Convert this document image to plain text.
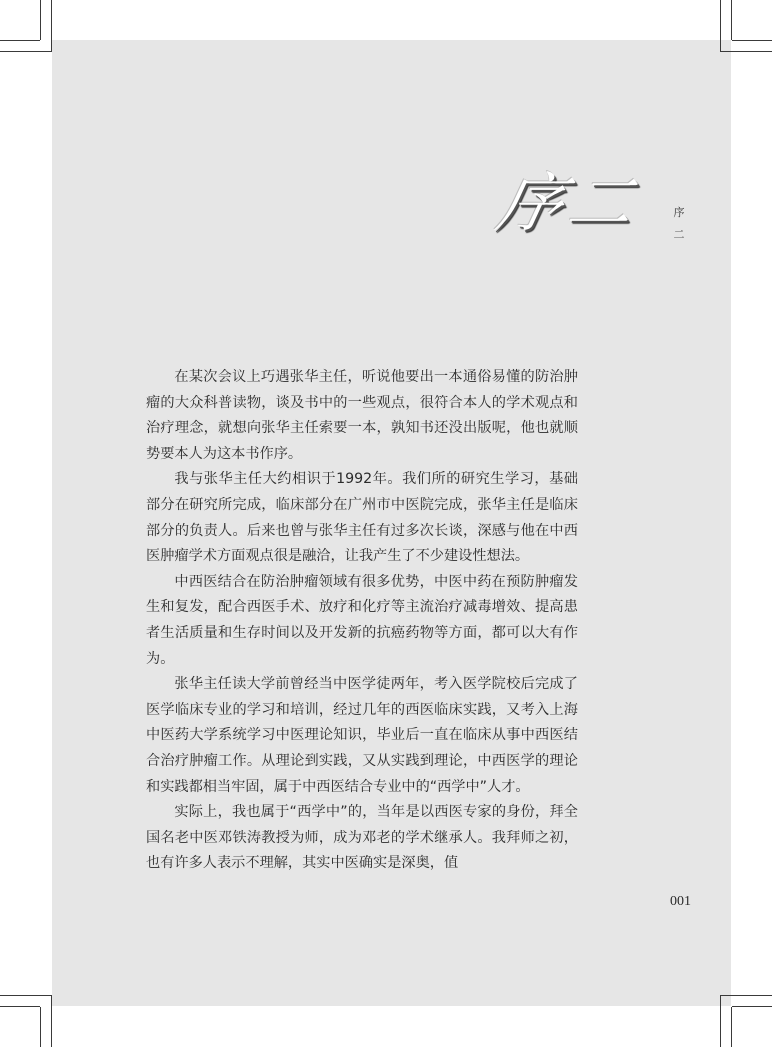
序二 序
二

在某次会议上巧遇张华主任，听说他要出一本通俗易懂的防治肿瘤的大众科普读物，谈及书中的一些观点，很符合本人的学术观点和治疗理念，就想向张华主任索要一本，孰知书还没出版呢，他也就顺势要本人为这本书作序。

我与张华主任大约相识于1992年。我们所的研究生学习，基础部分在研究所完成，临床部分在广州市中医院完成，张华主任是临床部分的负责人。后来也曾与张华主任有过多次长谈，深感与他在中西医肿瘤学术方面观点很是融洽，让我产生了不少建设性想法。

中西医结合在防治肿瘤领域有很多优势，中医中药在预防肿瘤发生和复发，配合西医手术、放疗和化疗等主流治疗减毒增效、提高患者生活质量和生存时间以及开发新的抗癌药物等方面，都可以大有作为。

张华主任读大学前曾经当中医学徒两年，考入医学院校后完成了医学临床专业的学习和培训，经过几年的西医临床实践，又考入上海中医药大学系统学习中医理论知识，毕业后一直在临床从事中西医结合治疗肿瘤工作。从理论到实践，又从实践到理论，中西医学的理论和实践都相当牢固，属于中西医结合专业中的“西学中”人才。

实际上，我也属于“西学中”的，当年是以西医专家的身份，拜全国名老中医邓铁涛教授为师，成为邓老的学术继承人。我拜师之初，也有许多人表示不理解，其实中医确实是深奥，值

001
